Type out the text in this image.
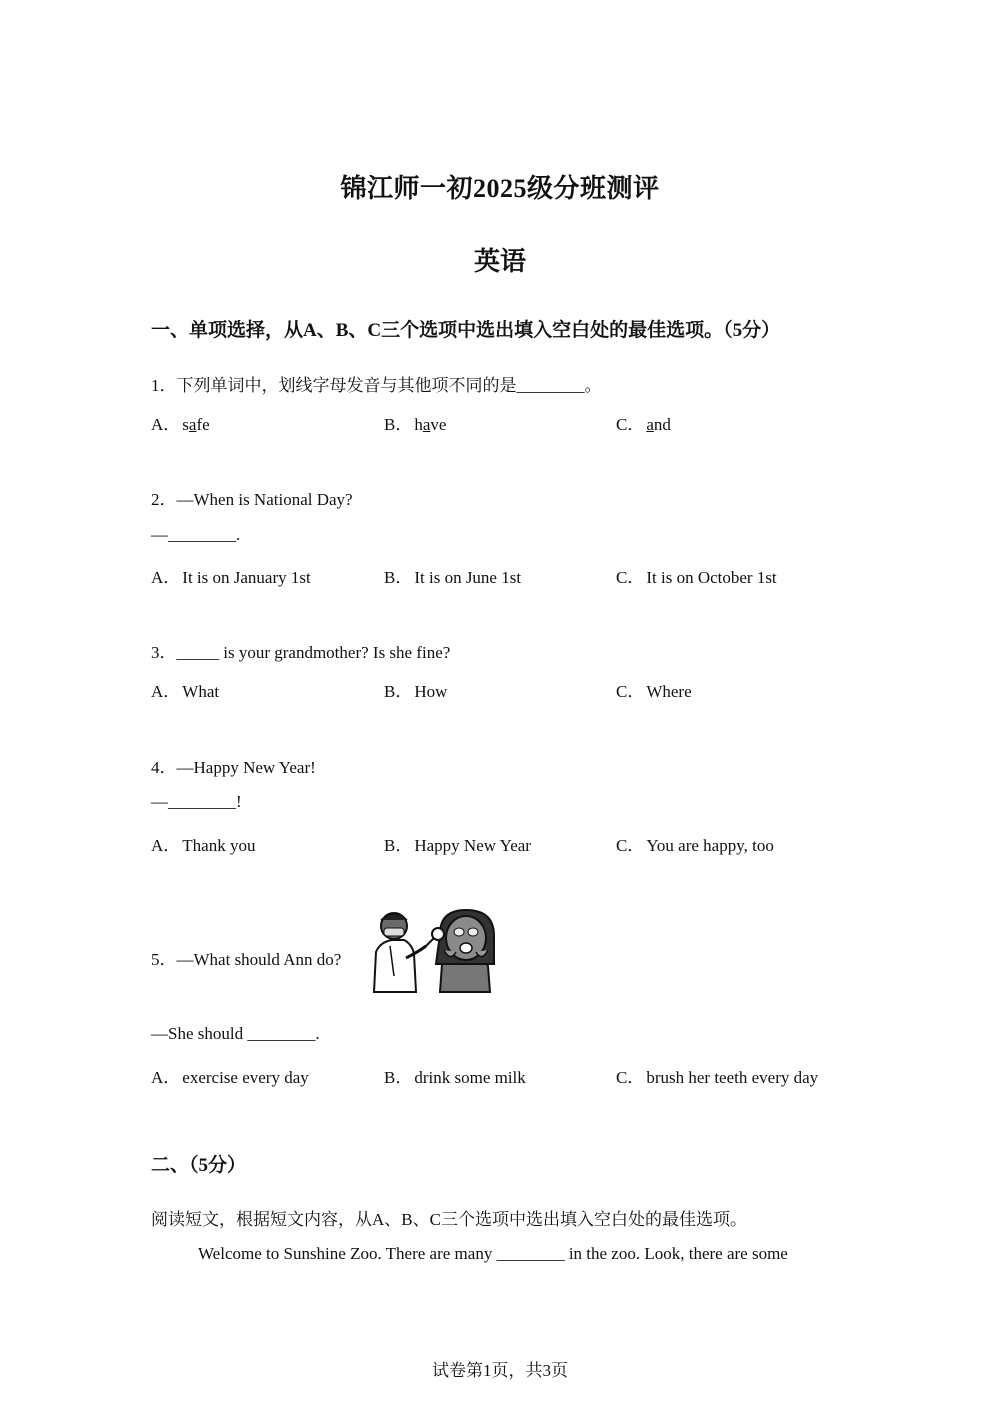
锦江师一初2025级分班测评
英语
一、单项选择，从A、B、C三个选项中选出填入空白处的最佳选项。（5分）
1．下列单词中，划线字母发音与其他项不同的是________。
A． safe	B． have	C． and
2．—When is National Day?
—________.
A． It is on January 1st	B． It is on June 1st	C． It is on October 1st
3．_____ is your grandmother? Is she fine?
A． What	B． How	C． Where
4．—Happy New Year!
—________!
A． Thank you	B． Happy New Year	C． You are happy, too
5．—What should Ann do?
—She should ________.
A． exercise every day	B． drink some milk	C． brush her teeth every day
二、（5分）
阅读短文，根据短文内容，从A、B、C三个选项中选出填入空白处的最佳选项。
Welcome to Sunshine Zoo. There are many ________ in the zoo. Look, there are some
试卷第1页，共3页
